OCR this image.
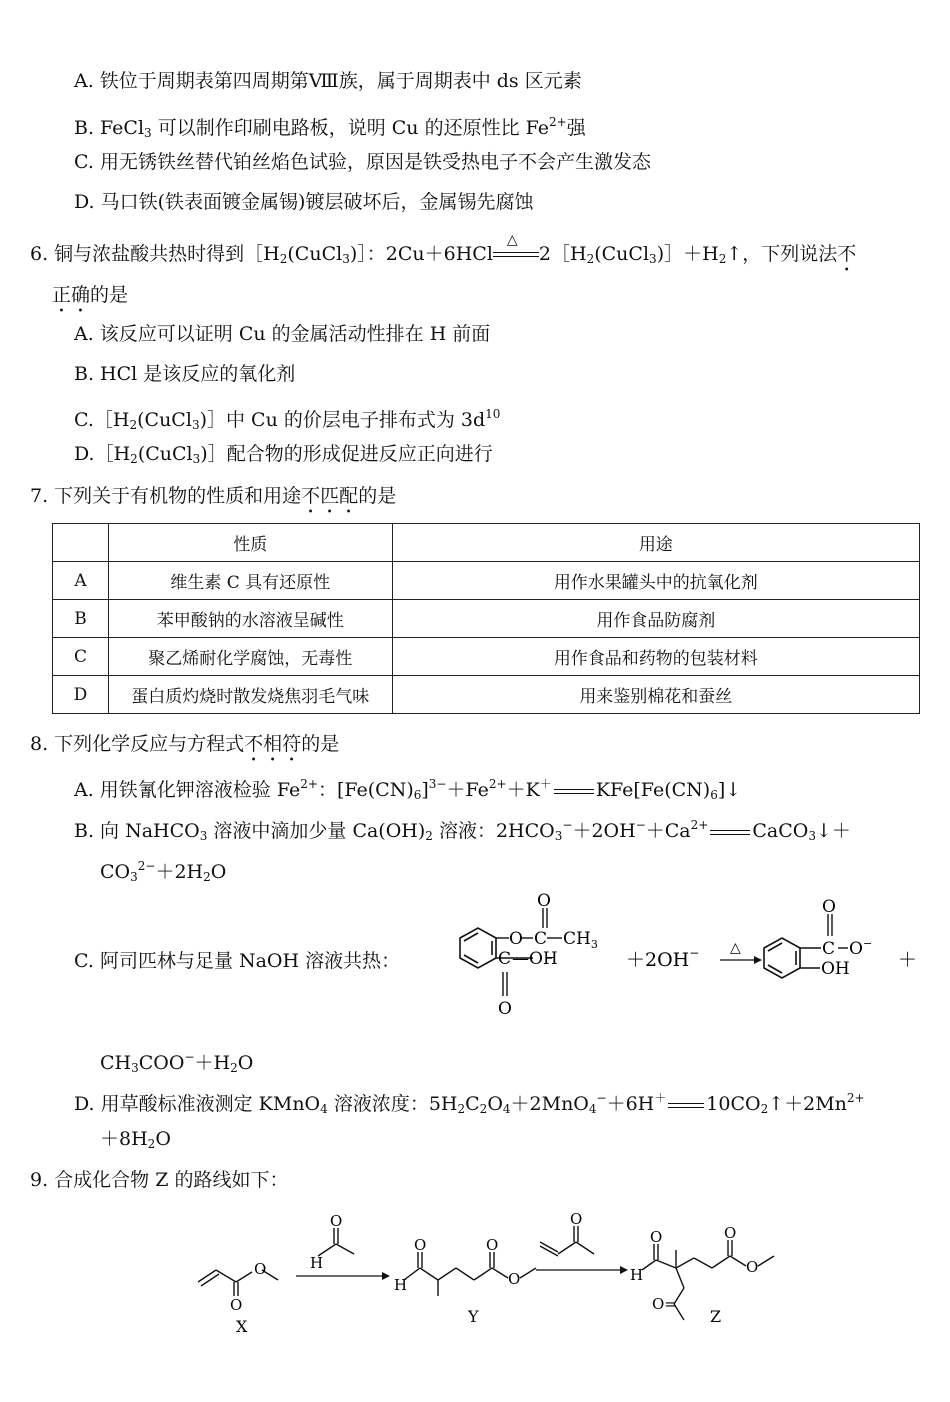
A. 铁位于周期表第四周期第Ⅷ族，属于周期表中 ds 区元素
B. FeCl$_3$ 可以制作印刷电路板，说明 Cu 的还原性比 $Fe^{2+}$强
C. 用无锈铁丝替代铂丝焰色试验，原因是铁受热电子不会产生激发态
D. 马口铁(铁表面镀金属锡)镀层破坏后，金属锡先腐蚀
6. 铜与浓盐酸共热时得到$[H_2(CuCl_3)]$：2Cu＋6HCl
△
$2[H_2(CuCl_3)]+H_2↑$，下列说法不
正确的是
A. 该反应可以证明 Cu 的金属活动性排在 H 前面
B. HCl 是该反应的氧化剂
$C.[H_2(CuCl_3)]$中 Cu 的价层电子排布式为 $3d^{10}$
$D.[H_2(CuCl_3)]$配合物的形成促进反应正向进行
7. 下列关于有机物的性质和用途不匹配的是
	性质	用途
A	维生素 C 具有还原性	用作水果罐头中的抗氧化剂
B	苯甲酸钠的水溶液呈碱性	用作食品防腐剂
C	聚乙烯耐化学腐蚀，无毒性	用作食品和药物的包装材料
D	蛋白质灼烧时散发烧焦羽毛气味	用来鉴别棉花和蚕丝
8. 下列化学反应与方程式不相符的是
A. 用铁氰化钾溶液检验 $Fe^{2+}$：$[Fe(CN)_6]^{3-}+Fe^{2+}+K^+$ $KFe[Fe(CN)_6]↓$
B. 向 NaHCO$_3$ 溶液中滴加少量 $Ca(OH)_2$ 溶液：$2HCO_3^-+2OH^-+Ca^{2+}$ CaCO$_3$↓＋
$CO_3^{2-}+2H_2O$
C. 阿司匹林与足量 NaOH 溶液共热：
O C
O
$CH_3$
C —OH
O
＋2OH− △
O
C O−
OH	＋
$CH_3COO^-+H_2O$
D. 用草酸标准液测定 KMnO$_4$ 溶液浓度：$5H_2C_2O_4+2MnO_4^-+6H^+$ $10CO_2↑+2Mn^{2+}$
$+8H_2O$
9. 合成化合物 Z 的路线如下：
O
O
X
H
O
H
O	O
O
Y
O
H
O	O
O
O=
Z
